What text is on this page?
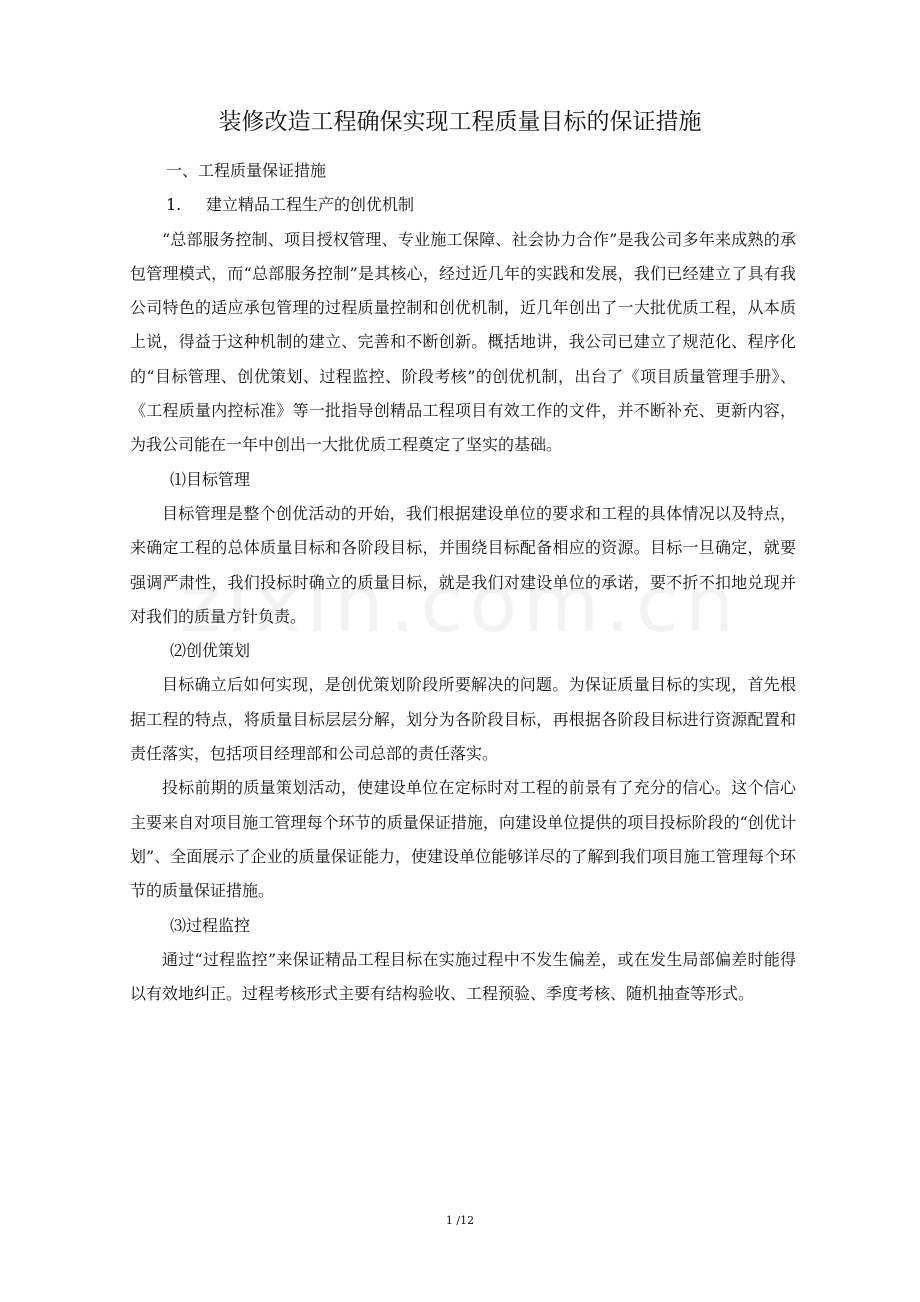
装修改造工程确保实现工程质量目标的保证措施

一、工程质量保证措施

1. 建立精品工程生产的创优机制

“总部服务控制、项目授权管理、专业施工保障、社会协力合作”是我公司多年来成熟的承包管理模式，而“总部服务控制”是其核心，经过近几年的实践和发展，我们已经建立了具有我公司特色的适应承包管理的过程质量控制和创优机制，近几年创出了一大批优质工程，从本质上说，得益于这种机制的建立、完善和不断创新。概括地讲，我公司已建立了规范化、程序化的“目标管理、创优策划、过程监控、阶段考核”的创优机制，出台了《项目质量管理手册》、《工程质量内控标准》等一批指导创精品工程项目有效工作的文件，并不断补充、更新内容，为我公司能在一年中创出一大批优质工程奠定了坚实的基础。

⑴目标管理

目标管理是整个创优活动的开始，我们根据建设单位的要求和工程的具体情况以及特点，来确定工程的总体质量目标和各阶段目标，并围绕目标配备相应的资源。目标一旦确定，就要强调严肃性，我们投标时确立的质量目标，就是我们对建设单位的承诺，要不折不扣地兑现并对我们的质量方针负责。

⑵创优策划

目标确立后如何实现，是创优策划阶段所要解决的问题。为保证质量目标的实现，首先根据工程的特点，将质量目标层层分解，划分为各阶段目标，再根据各阶段目标进行资源配置和责任落实，包括项目经理部和公司总部的责任落实。

投标前期的质量策划活动，使建设单位在定标时对工程的前景有了充分的信心。这个信心主要来自对项目施工管理每个环节的质量保证措施，向建设单位提供的项目投标阶段的“创优计划”、全面展示了企业的质量保证能力，使建设单位能够详尽的了解到我们项目施工管理每个环节的质量保证措施。

⑶过程监控

通过“过程监控”来保证精品工程目标在实施过程中不发生偏差，或在发生局部偏差时能得以有效地纠正。过程考核形式主要有结构验收、工程预验、季度考核、随机抽查等形式。

1 /12
